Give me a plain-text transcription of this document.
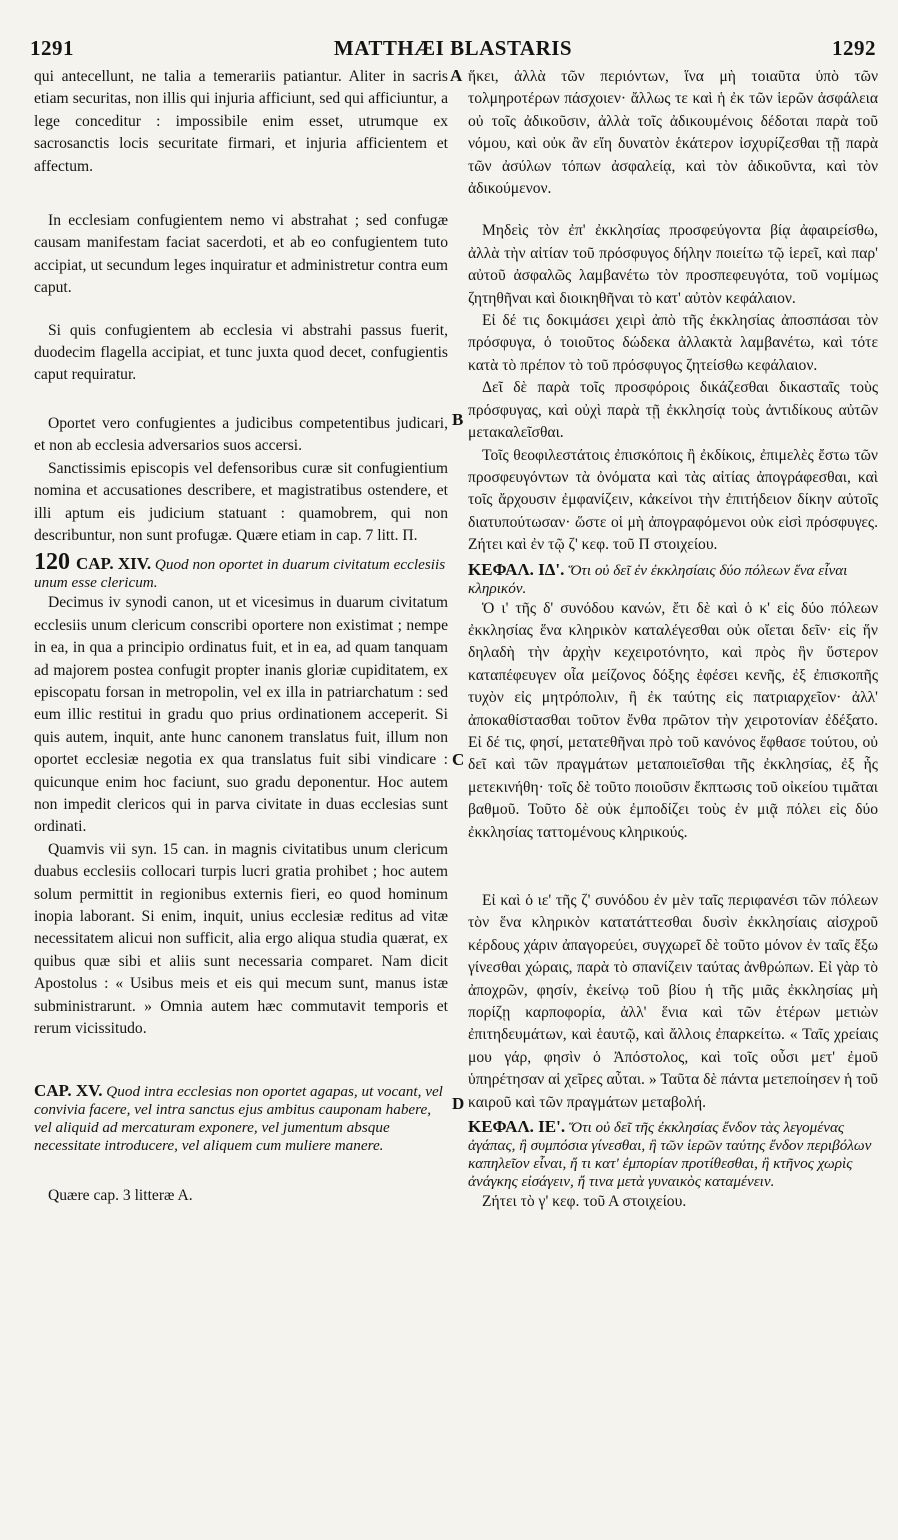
1291	MATTHÆI BLASTARIS	1292
A
B
C
D

qui antecellunt, ne talia a temerariis patiantur. Aliter in sacris etiam securitas, non illis qui injuria afficiunt, sed qui afficiuntur, a lege conceditur : impossibile enim esset, utrumque ex sacrosanctis locis securitate firmari, et injuria afficientem et affectum.

In ecclesiam confugientem nemo vi abstrahat ; sed confugæ causam manifestam faciat sacerdoti, et ab eo confugientem tuto accipiat, ut secundum leges inquiratur et administretur contra eum caput.

Si quis confugientem ab ecclesia vi abstrahi passus fuerit, duodecim flagella accipiat, et tunc juxta quod decet, confugientis caput requiratur.

Oportet vero confugientes a judicibus competentibus judicari, et non ab ecclesia adversarios suos accersi.

Sanctissimis episcopis vel defensoribus curæ sit confugientium nomina et accusationes describere, et magistratibus ostendere, et illi aptum eis judicium statuant : quamobrem, qui non describuntur, non sunt profugæ. Quære etiam in cap. 7 litt. Π.

120 CAP. XIV. Quod non oportet in duarum civitatum ecclesiis unum esse clericum.

Decimus iv synodi canon, ut et vicesimus in duarum civitatum ecclesiis unum clericum conscribi oportere non existimat ; nempe in ea, in qua a principio ordinatus fuit, et in ea, ad quam tanquam ad majorem postea confugit propter inanis gloriæ cupiditatem, ex episcopatu forsan in metropolin, vel ex illa in patriarchatum : sed eum illic restitui in gradu quo prius ordinationem acceperit. Si quis autem, inquit, ante hunc canonem translatus fuit, illum non oportet ecclesiæ negotia ex qua translatus fuit sibi vindicare : quicunque enim hoc faciunt, suo gradu deponentur. Hoc autem non impedit clericos qui in parva civitate in duas ecclesias sunt ordinati.

Quamvis vii syn. 15 can. in magnis civitatibus unum clericum duabus ecclesiis collocari turpis lucri gratia prohibet ; hoc autem solum permittit in regionibus externis fieri, eo quod hominum inopia laborant. Si enim, inquit, unius ecclesiæ reditus ad vitæ necessitatem alicui non sufficit, alia ergo aliqua studia quærat, ex quibus quæ sibi et aliis sunt necessaria comparet. Nam dicit Apostolus : « Usibus meis et eis qui mecum sunt, manus istæ subministrarunt. » Omnia autem hæc commutavit temporis et rerum vicissitudo.

CAP. XV. Quod intra ecclesias non oportet agapas, ut vocant, vel convivia facere, vel intra sanctus ejus ambitus cauponam habere, vel aliquid ad mercaturam exponere, vel jumentum absque necessitate introducere, vel aliquem cum muliere manere.

Quære cap. 3 litteræ A.

ἥκει, ἀλλὰ τῶν περιόντων, ἵνα μὴ τοιαῦτα ὑπὸ τῶν τολμηροτέρων πάσχοιεν· ἄλλως τε καὶ ἡ ἐκ τῶν ἱερῶν ἀσφάλεια οὐ τοῖς ἀδικοῦσιν, ἀλλὰ τοῖς ἀδικουμένοις δέδοται παρὰ τοῦ νόμου, καὶ οὐκ ἂν εἴη δυνατὸν ἑκάτερον ἰσχυρίζεσθαι τῇ παρὰ τῶν ἀσύλων τόπων ἀσφαλείᾳ, καὶ τὸν ἀδικοῦντα, καὶ τὸν ἀδικούμενον.

Μηδεὶς τὸν ἐπ' ἐκκλησίας προσφεύγοντα βίᾳ ἀφαιρείσθω, ἀλλὰ τὴν αἰτίαν τοῦ πρόσφυγος δήλην ποιείτω τῷ ἱερεῖ, καὶ παρ' αὐτοῦ ἀσφαλῶς λαμβανέτω τὸν προσπεφευγότα, τοῦ νομίμως ζητηθῆναι καὶ διοικηθῆναι τὸ κατ' αὐτὸν κεφάλαιον.

Εἰ δέ τις δοκιμάσει χειρὶ ἀπὸ τῆς ἐκκλησίας ἀποσπάσαι τὸν πρόσφυγα, ὁ τοιοῦτος δώδεκα ἀλλακτὰ λαμβανέτω, καὶ τότε κατὰ τὸ πρέπον τὸ τοῦ πρόσφυγος ζητείσθω κεφάλαιον.

Δεῖ δὲ παρὰ τοῖς προσφόροις δικάζεσθαι δικασταῖς τοὺς πρόσφυγας, καὶ οὐχὶ παρὰ τῇ ἐκκλησίᾳ τοὺς ἀντιδίκους αὐτῶν μετακαλεῖσθαι.

Τοῖς θεοφιλεστάτοις ἐπισκόποις ἢ ἐκδίκοις, ἐπιμελὲς ἔστω τῶν προσφευγόντων τὰ ὀνόματα καὶ τὰς αἰτίας ἀπογράφεσθαι, καὶ τοῖς ἄρχουσιν ἐμφανίζειν, κἀκείνοι τὴν ἐπιτήδειον δίκην αὐτοῖς διατυπούτωσαν· ὥστε οἱ μὴ ἀπογραφόμενοι οὐκ εἰσὶ πρόσφυγες. Ζήτει καὶ ἐν τῷ ζ' κεφ. τοῦ Π στοιχείου.

ΚΕΦΑΛ. ΙΔ'. Ὅτι οὐ δεῖ ἐν ἐκκλησίαις δύο πόλεων ἕνα εἶναι κληρικόν.

Ὁ ι' τῆς δ' συνόδου κανών, ἔτι δὲ καὶ ὁ κ' εἰς δύο πόλεων ἐκκλησίας ἕνα κληρικὸν καταλέγεσθαι οὐκ οἴεται δεῖν· εἰς ἥν δηλαδὴ τὴν ἀρχὴν κεχειροτόνητο, καὶ πρὸς ἣν ὕστερον καταπέφευγεν οἷα μείζονος δόξης ἐφέσει κενῆς, ἐξ ἐπισκοπῆς τυχὸν εἰς μητρόπολιν, ἢ ἐκ ταύτης εἰς πατριαρχεῖον· ἀλλ' ἀποκαθίστασθαι τοῦτον ἔνθα πρῶτον τὴν χειροτονίαν ἐδέξατο. Εἰ δέ τις, φησί, μετατεθῆναι πρὸ τοῦ κανόνος ἔφθασε τούτου, οὐ δεῖ καὶ τῶν πραγμάτων μεταποιεῖσθαι τῆς ἐκκλησίας, ἐξ ἧς μετεκινήθη· τοῖς δὲ τοῦτο ποιοῦσιν ἔκπτωσις τοῦ οἰκείου τιμᾶται βαθμοῦ. Τοῦτο δὲ οὐκ ἐμποδίζει τοὺς ἐν μιᾷ πόλει εἰς δύο ἐκκλησίας ταττομένους κληρικούς.

Εἰ καὶ ὁ ιε' τῆς ζ' συνόδου ἐν μὲν ταῖς περιφανέσι τῶν πόλεων τὸν ἕνα κληρικὸν κατατάττεσθαι δυσὶν ἐκκλησίαις αἰσχροῦ κέρδους χάριν ἀπαγορεύει, συγχωρεῖ δὲ τοῦτο μόνον ἐν ταῖς ἔξω γίνεσθαι χώραις, παρὰ τὸ σπανίζειν ταύτας ἀνθρώπων. Εἰ γὰρ τὸ ἀποχρῶν, φησίν, ἐκείνῳ τοῦ βίου ἡ τῆς μιᾶς ἐκκλησίας μὴ πορίζῃ καρποφορία, ἀλλ' ἕνια καὶ τῶν ἑτέρων μετιὼν ἐπιτηδευμάτων, καὶ ἑαυτῷ, καὶ ἄλλοις ἐπαρκείτω. « Ταῖς χρείαις μου γάρ, φησὶν ὁ Ἀπόστολος, καὶ τοῖς οὖσι μετ' ἐμοῦ ὑπηρέτησαν αἱ χεῖρες αὗται. » Ταῦτα δὲ πάντα μετεποίησεν ἡ τοῦ καιροῦ καὶ τῶν πραγμάτων μεταβολή.

ΚΕΦΑΛ. ΙΕ'. Ὅτι οὐ δεῖ τῆς ἐκκλησίας ἔνδον τὰς λεγομένας ἀγάπας, ἢ συμπόσια γίνεσθαι, ἢ τῶν ἱερῶν ταύτης ἔνδον περιβόλων καπηλεῖον εἶναι, ἤ τι κατ' ἐμπορίαν προτίθεσθαι, ἢ κτῆνος χωρὶς ἀνάγκης εἰσάγειν, ἤ τινα μετὰ γυναικὸς καταμένειν.

Ζήτει τὸ γ' κεφ. τοῦ Α στοιχείου.
